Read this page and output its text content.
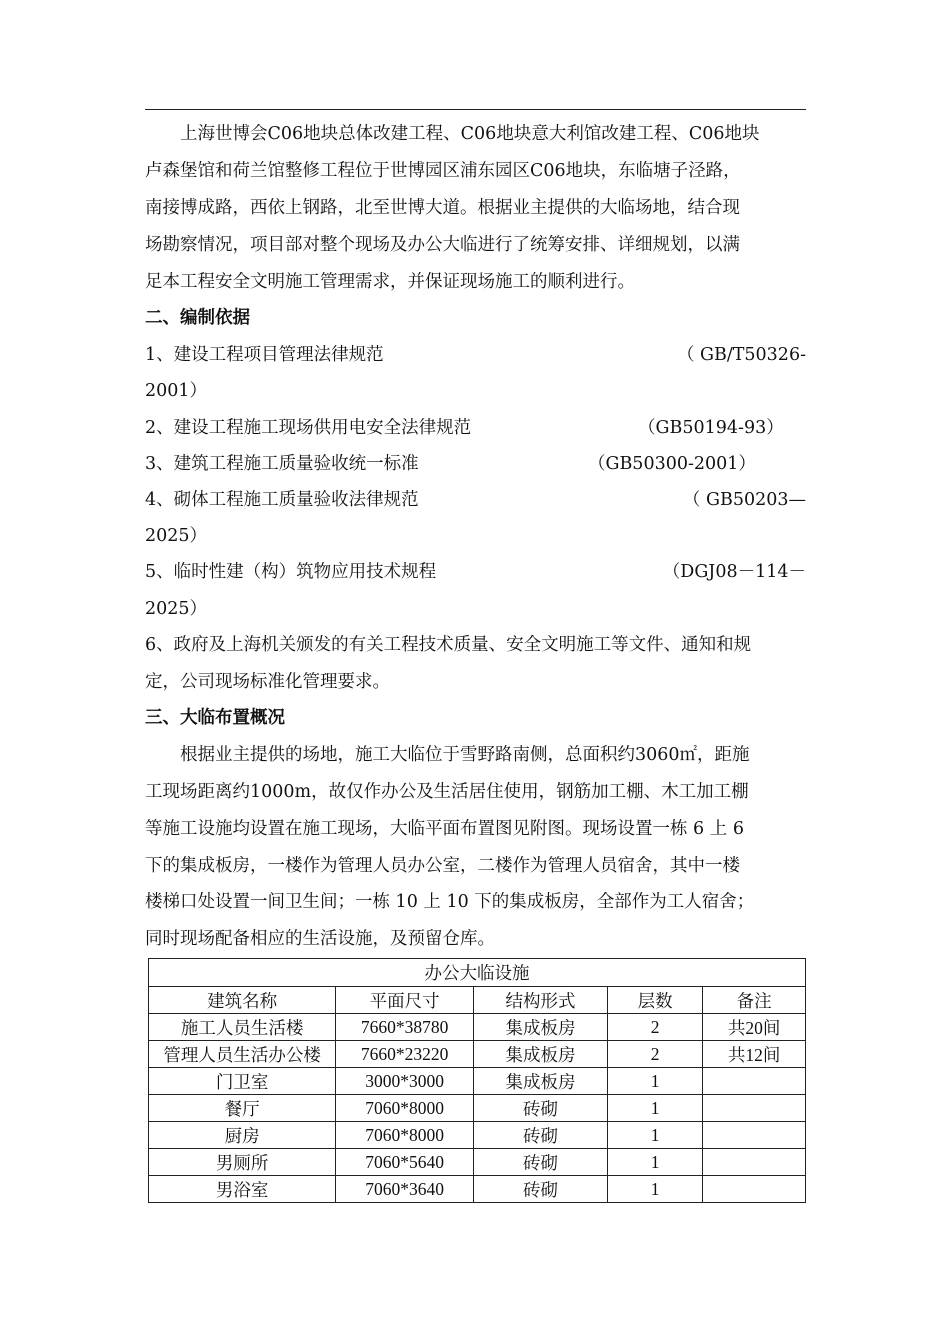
上海世博会C06地块总体改建工程、C06地块意大利馆改建工程、C06地块
卢森堡馆和荷兰馆整修工程位于世博园区浦东园区C06地块，东临塘子泾路，
南接博成路，西依上钢路，北至世博大道。根据业主提供的大临场地，结合现
场勘察情况，项目部对整个现场及办公大临进行了统筹安排、详细规划，以满
足本工程安全文明施工管理需求，并保证现场施工的顺利进行。
二、编制依据
1、建设工程项目管理法律规范	（ GB/T50326-
2001）
2、建设工程施工现场供用电安全法律规范	（GB50194-93）
3、建筑工程施工质量验收统一标准	（GB50300-2001）
4、砌体工程施工质量验收法律规范	（ GB50203—
2025）
5、临时性建（构）筑物应用技术规程	（DGJ08－114－
2025）
6、政府及上海机关颁发的有关工程技术质量、安全文明施工等文件、通知和规
定，公司现场标准化管理要求。
三、大临布置概况
根据业主提供的场地，施工大临位于雪野路南侧，总面积约3060㎡，距施
工现场距离约1000m，故仅作办公及生活居住使用，钢筋加工棚、木工加工棚
等施工设施均设置在施工现场，大临平面布置图见附图。现场设置一栋 6 上 6
下的集成板房，一楼作为管理人员办公室，二楼作为管理人员宿舍，其中一楼
楼梯口处设置一间卫生间；一栋 10 上 10 下的集成板房，全部作为工人宿舍；
同时现场配备相应的生活设施，及预留仓库。
办公大临设施				
建筑名称	平面尺寸	结构形式	层数	备注
施工人员生活楼	7660*38780	集成板房	2	共20间
管理人员生活办公楼	7660*23220	集成板房	2	共12间
门卫室	3000*3000	集成板房	1	
餐厅	7060*8000	砖砌	1	
厨房	7060*8000	砖砌	1	
男厕所	7060*5640	砖砌	1	
男浴室	7060*3640	砖砌	1	
